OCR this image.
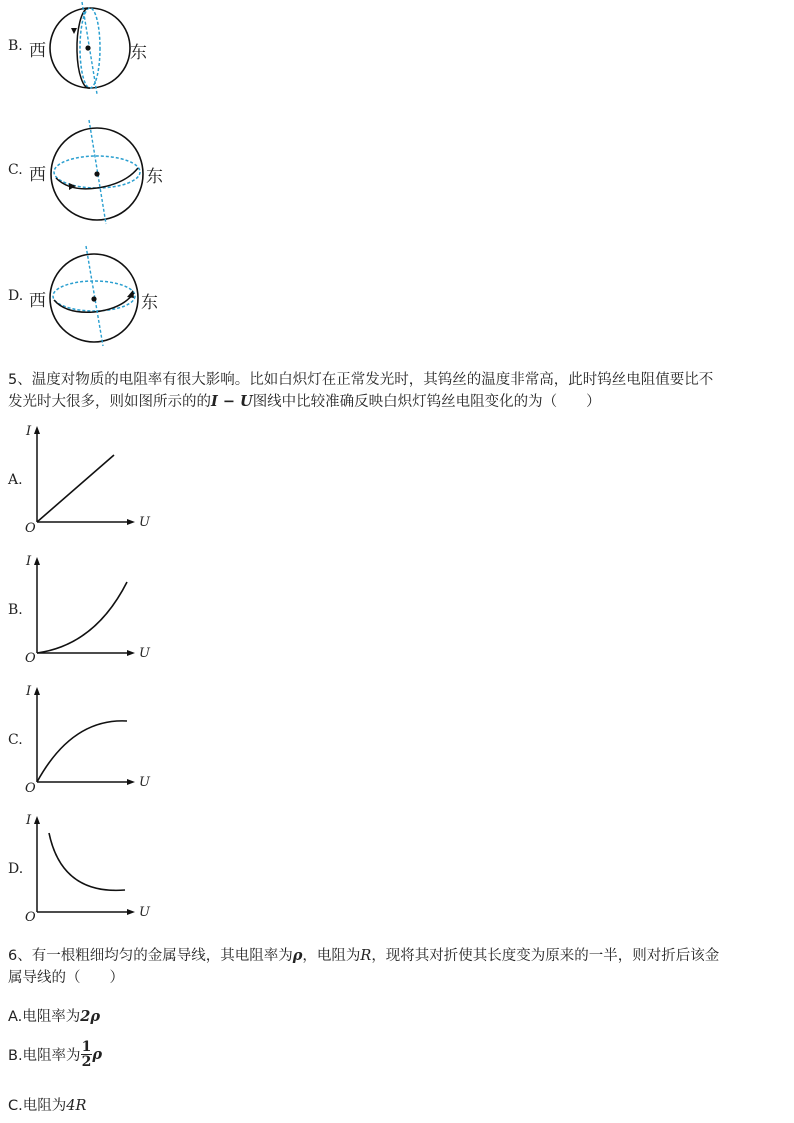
B. 西	东
C. 西	东
D. 西	东
5、温度对物质的电阻率有很大影响。比如白炽灯在正常发光时，其钨丝的温度非常高，此时钨丝电阻值要比不
发光时大很多，则如图所示的的I − U图线中比较准确反映白炽灯钨丝电阻变化的为（　　）
A.
I
U
O
B.
I
U
O
C.
I
U
O
D.
I
U
O
6、有一根粗细均匀的金属导线，其电阻率为ρ，电阻为R，现将其对折使其长度变为原来的一半，则对折后该金
属导线的（　　）
A.电阻率为2ρ
B.电阻率为 $\frac{1}{2}$ ρ
C.电阻为4R
